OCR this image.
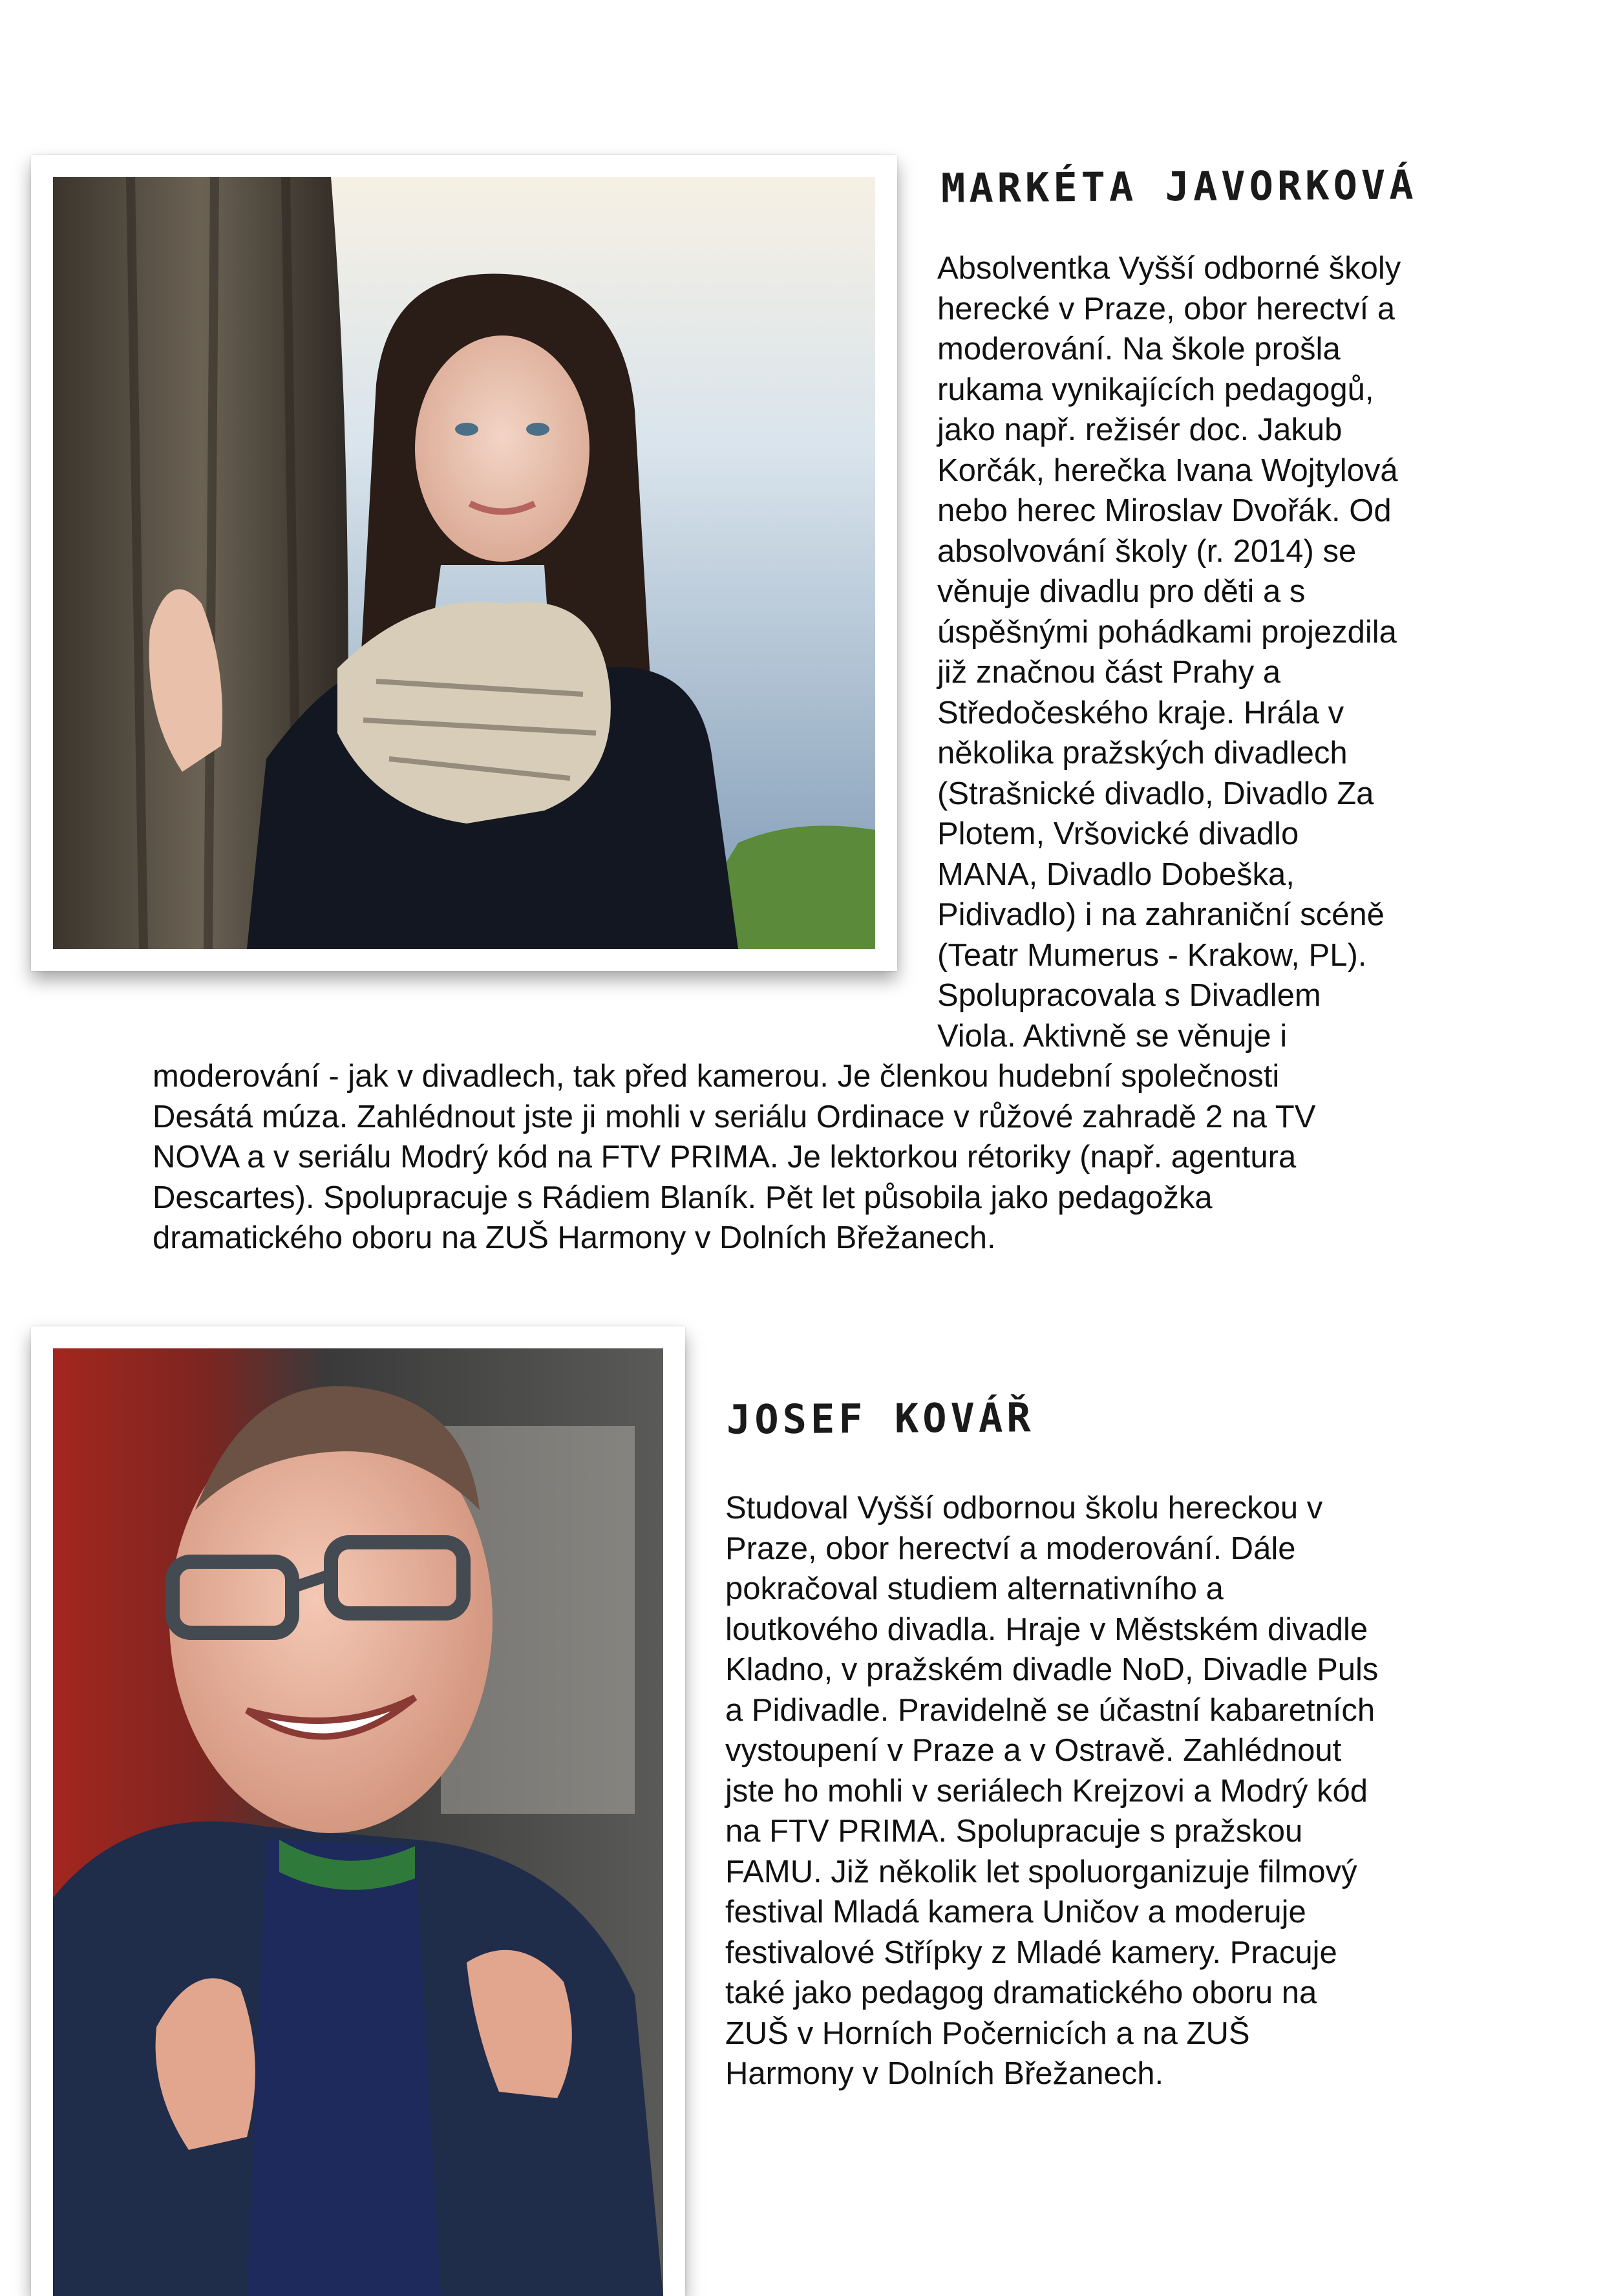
MARKÉTA JAVORKOVÁ
Absolventka Vyšší odborné školy
herecké v Praze, obor herectví a
moderování. Na škole prošla
rukama vynikajících pedagogů,
jako např. režisér doc. Jakub
Korčák, herečka Ivana Wojtylová
nebo herec Miroslav Dvořák. Od
absolvování školy (r. 2014) se
věnuje divadlu pro děti a s
úspěšnými pohádkami projezdila
již značnou část Prahy a
Středočeského kraje. Hrála v
několika pražských divadlech
(Strašnické divadlo, Divadlo Za
Plotem, Vršovické divadlo
MANA, Divadlo Dobeška,
Pidivadlo) i na zahraniční scéně
(Teatr Mumerus - Krakow, PL).
Spolupracovala s Divadlem
Viola. Aktivně se věnuje i
moderování - jak v divadlech, tak před kamerou. Je členkou hudební společnosti
Desátá múza. Zahlédnout jste ji mohli v seriálu Ordinace v růžové zahradě 2 na TV
NOVA a v seriálu Modrý kód na FTV PRIMA. Je lektorkou rétoriky (např. agentura
Descartes). Spolupracuje s Rádiem Blaník. Pět let působila jako pedagožka
dramatického oboru na ZUŠ Harmony v Dolních Břežanech.
JOSEF KOVÁŘ
Studoval Vyšší odbornou školu hereckou v
Praze, obor herectví a moderování. Dále
pokračoval studiem alternativního a
loutkového divadla. Hraje v Městském divadle
Kladno, v pražském divadle NoD, Divadle Puls
a Pidivadle. Pravidelně se účastní kabaretních
vystoupení v Praze a v Ostravě. Zahlédnout
jste ho mohli v seriálech Krejzovi a Modrý kód
na FTV PRIMA. Spolupracuje s pražskou
FAMU. Již několik let spoluorganizuje filmový
festival Mladá kamera Uničov a moderuje
festivalové Střípky z Mladé kamery. Pracuje
také jako pedagog dramatického oboru na
ZUŠ v Horních Počernicích a na ZUŠ
Harmony v Dolních Břežanech.
